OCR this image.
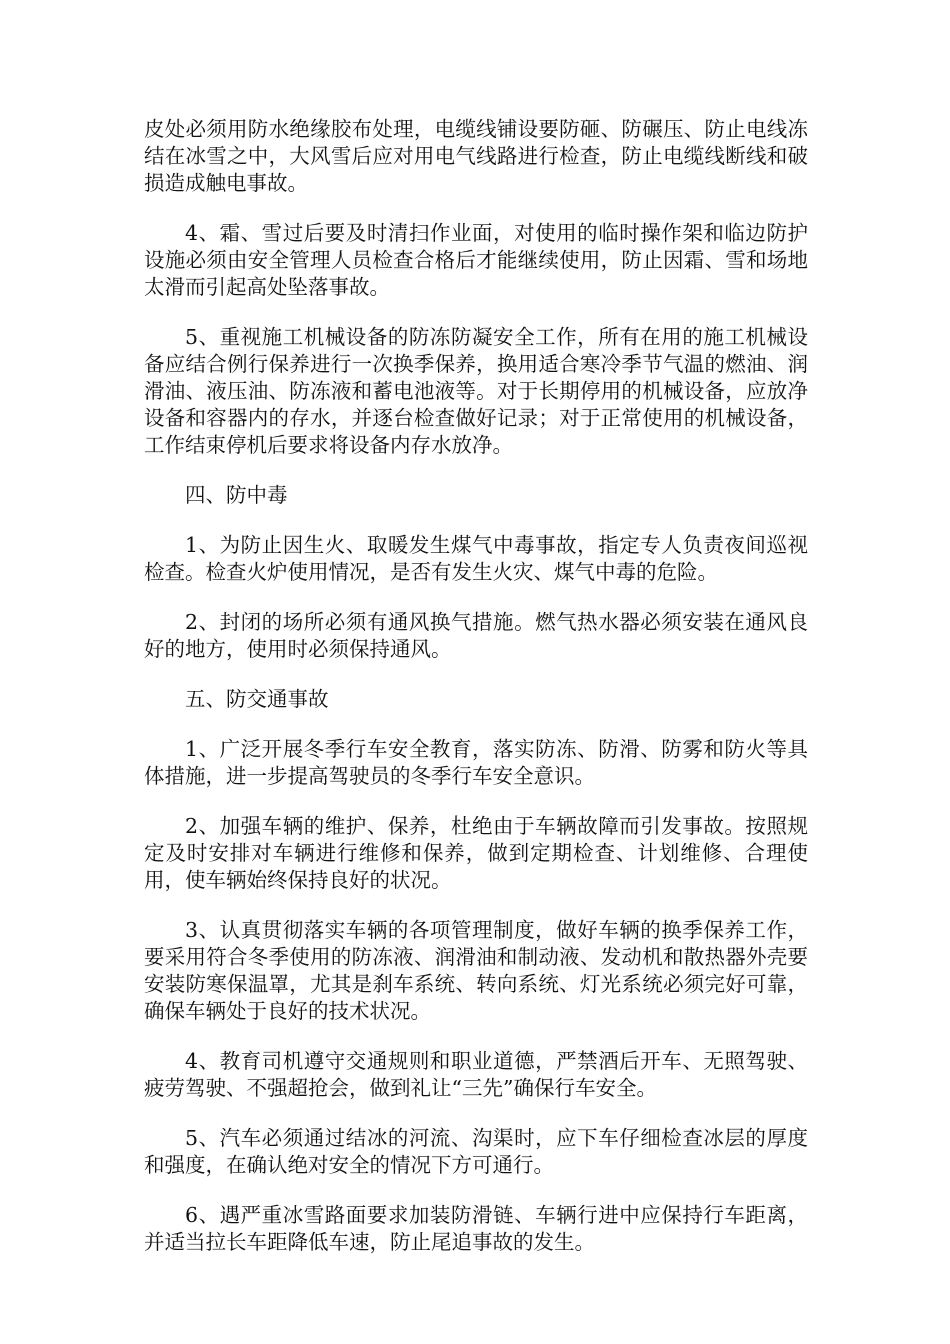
皮处必须用防水绝缘胶布处理，电缆线铺设要防砸、防碾压、防止电线冻结在冰雪之中，大风雪后应对用电气线路进行检查，防止电缆线断线和破损造成触电事故。

4、霜、雪过后要及时清扫作业面，对使用的临时操作架和临边防护设施必须由安全管理人员检查合格后才能继续使用，防止因霜、雪和场地太滑而引起高处坠落事故。

5、重视施工机械设备的防冻防凝安全工作，所有在用的施工机械设备应结合例行保养进行一次换季保养，换用适合寒冷季节气温的燃油、润滑油、液压油、防冻液和蓄电池液等。对于长期停用的机械设备，应放净设备和容器内的存水，并逐台检查做好记录；对于正常使用的机械设备，工作结束停机后要求将设备内存水放净。

四、防中毒

1、为防止因生火、取暖发生煤气中毒事故，指定专人负责夜间巡视检查。检查火炉使用情况，是否有发生火灾、煤气中毒的危险。

2、封闭的场所必须有通风换气措施。燃气热水器必须安装在通风良好的地方，使用时必须保持通风。

五、防交通事故

1、广泛开展冬季行车安全教育，落实防冻、防滑、防雾和防火等具体措施，进一步提高驾驶员的冬季行车安全意识。

2、加强车辆的维护、保养，杜绝由于车辆故障而引发事故。按照规定及时安排对车辆进行维修和保养，做到定期检查、计划维修、合理使用，使车辆始终保持良好的状况。

3、认真贯彻落实车辆的各项管理制度，做好车辆的换季保养工作，要采用符合冬季使用的防冻液、润滑油和制动液、发动机和散热器外壳要安装防寒保温罩，尤其是刹车系统、转向系统、灯光系统必须完好可靠，确保车辆处于良好的技术状况。

4、教育司机遵守交通规则和职业道德，严禁酒后开车、无照驾驶、疲劳驾驶、不强超抢会，做到礼让“三先”确保行车安全。

5、汽车必须通过结冰的河流、沟渠时，应下车仔细检查冰层的厚度和强度，在确认绝对安全的情况下方可通行。

6、遇严重冰雪路面要求加装防滑链、车辆行进中应保持行车距离，并适当拉长车距降低车速，防止尾追事故的发生。
